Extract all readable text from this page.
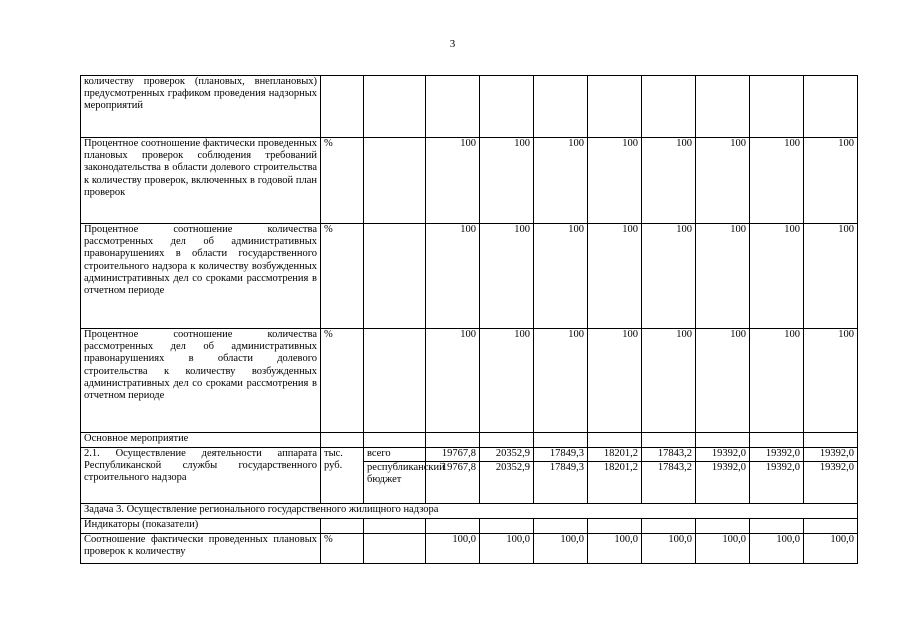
3
количеству проверок (плановых, внеплановых) предусмотренных графиком проведения надзорных мероприятий										
Процентное соотношение фактически проведенных плановых проверок соблюдения требований законодательства в области долевого строительства к количеству проверок, включенных в годовой план проверок	%		100	100	100	100	100	100	100	100
Процентное соотношение количества рассмотренных дел об административных правонарушениях в области государственного строительного надзора к количеству возбужденных административных дел со сроками рассмотрения в отчетном периоде	%		100	100	100	100	100	100	100	100
Процентное соотношение количества рассмотренных дел об административных правонарушениях в области долевого строительства к количеству возбужденных административных дел со сроками рассмотрения в отчетном периоде	%		100	100	100	100	100	100	100	100
Основное мероприятие										
2.1. Осуществление деятельности аппарата Республиканской службы государственного строительного надзора	тыс. руб.	всего	19767,8	20352,9	17849,3	18201,2	17843,2	19392,0	19392,0	19392,0
		республиканский бюджет	19767,8	20352,9	17849,3	18201,2	17843,2	19392,0	19392,0	19392,0
Задача 3. Осуществление регионального государственного жилищного надзора										
Индикаторы (показатели)										
Соотношение фактически проведенных плановых проверок к количеству	%		100,0	100,0	100,0	100,0	100,0	100,0	100,0	100,0
